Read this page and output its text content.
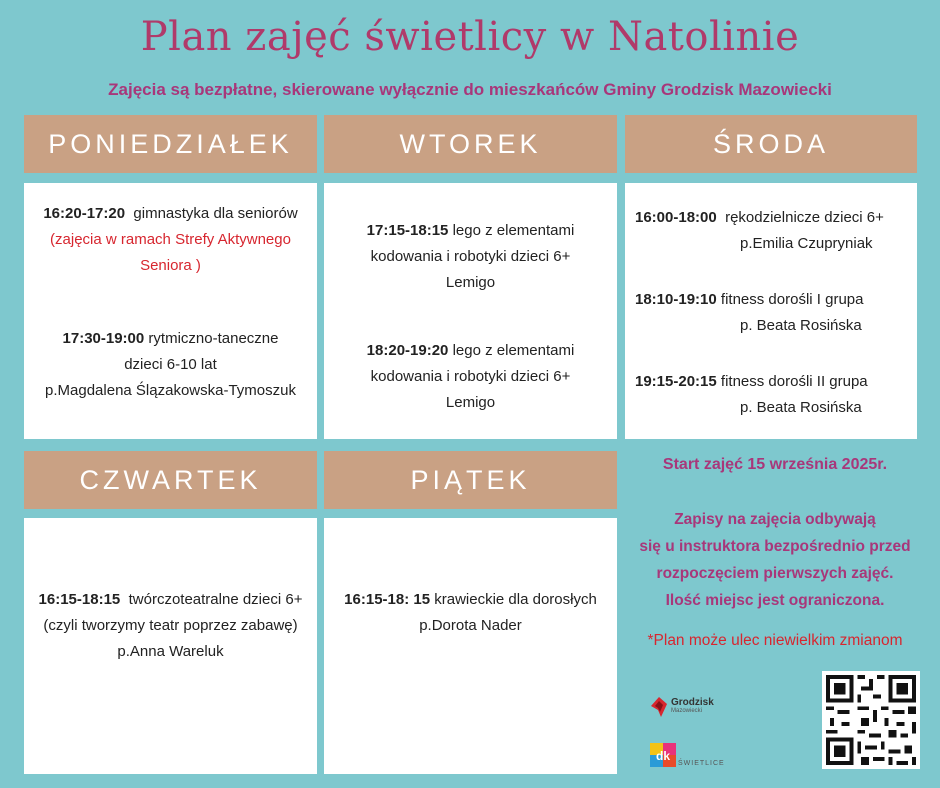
Plan zajęć świetlicy w Natolinie
Zajęcia są bezpłatne, skierowane wyłącznie do mieszkańców Gminy Grodzisk Mazowiecki
PONIEDZIAŁEK
16:20-17:20 gimnastyka dla seniorów
(zajęcia w ramach Strefy Aktywnego
Seniora )
17:30-19:00 rytmiczno-taneczne
dzieci 6-10 lat
p.Magdalena Ślązakowska-Tymoszuk
WTOREK
17:15-18:15 lego z elementami
kodowania i robotyki dzieci 6+
Lemigo
18:20-19:20 lego z elementami
kodowania i robotyki dzieci 6+
Lemigo
ŚRODA
16:00-18:00 rękodzielnicze dzieci 6+
p.Emilia Czupryniak
18:10-19:10 fitness dorośli I grupa
p. Beata Rosińska
19:15-20:15 fitness dorośli II grupa
p. Beata Rosińska
CZWARTEK
16:15-18:15 twórczoteatralne dzieci 6+
(czyli tworzymy teatr poprzez zabawę)
p.Anna Wareluk
PIĄTEK
16:15-18: 15 krawieckie dla dorosłych
p.Dorota Nader
Start zajęć 15 września 2025r.
Zapisy na zajęcia odbywają
się u instruktora bezpośrednio przed
rozpoczęciem pierwszych zajęć.
Ilość miejsc jest ograniczona.
*Plan może ulec niewielkim zmianom
Grodzisk
Mazowiecki
dk
ŚWIETLICE
